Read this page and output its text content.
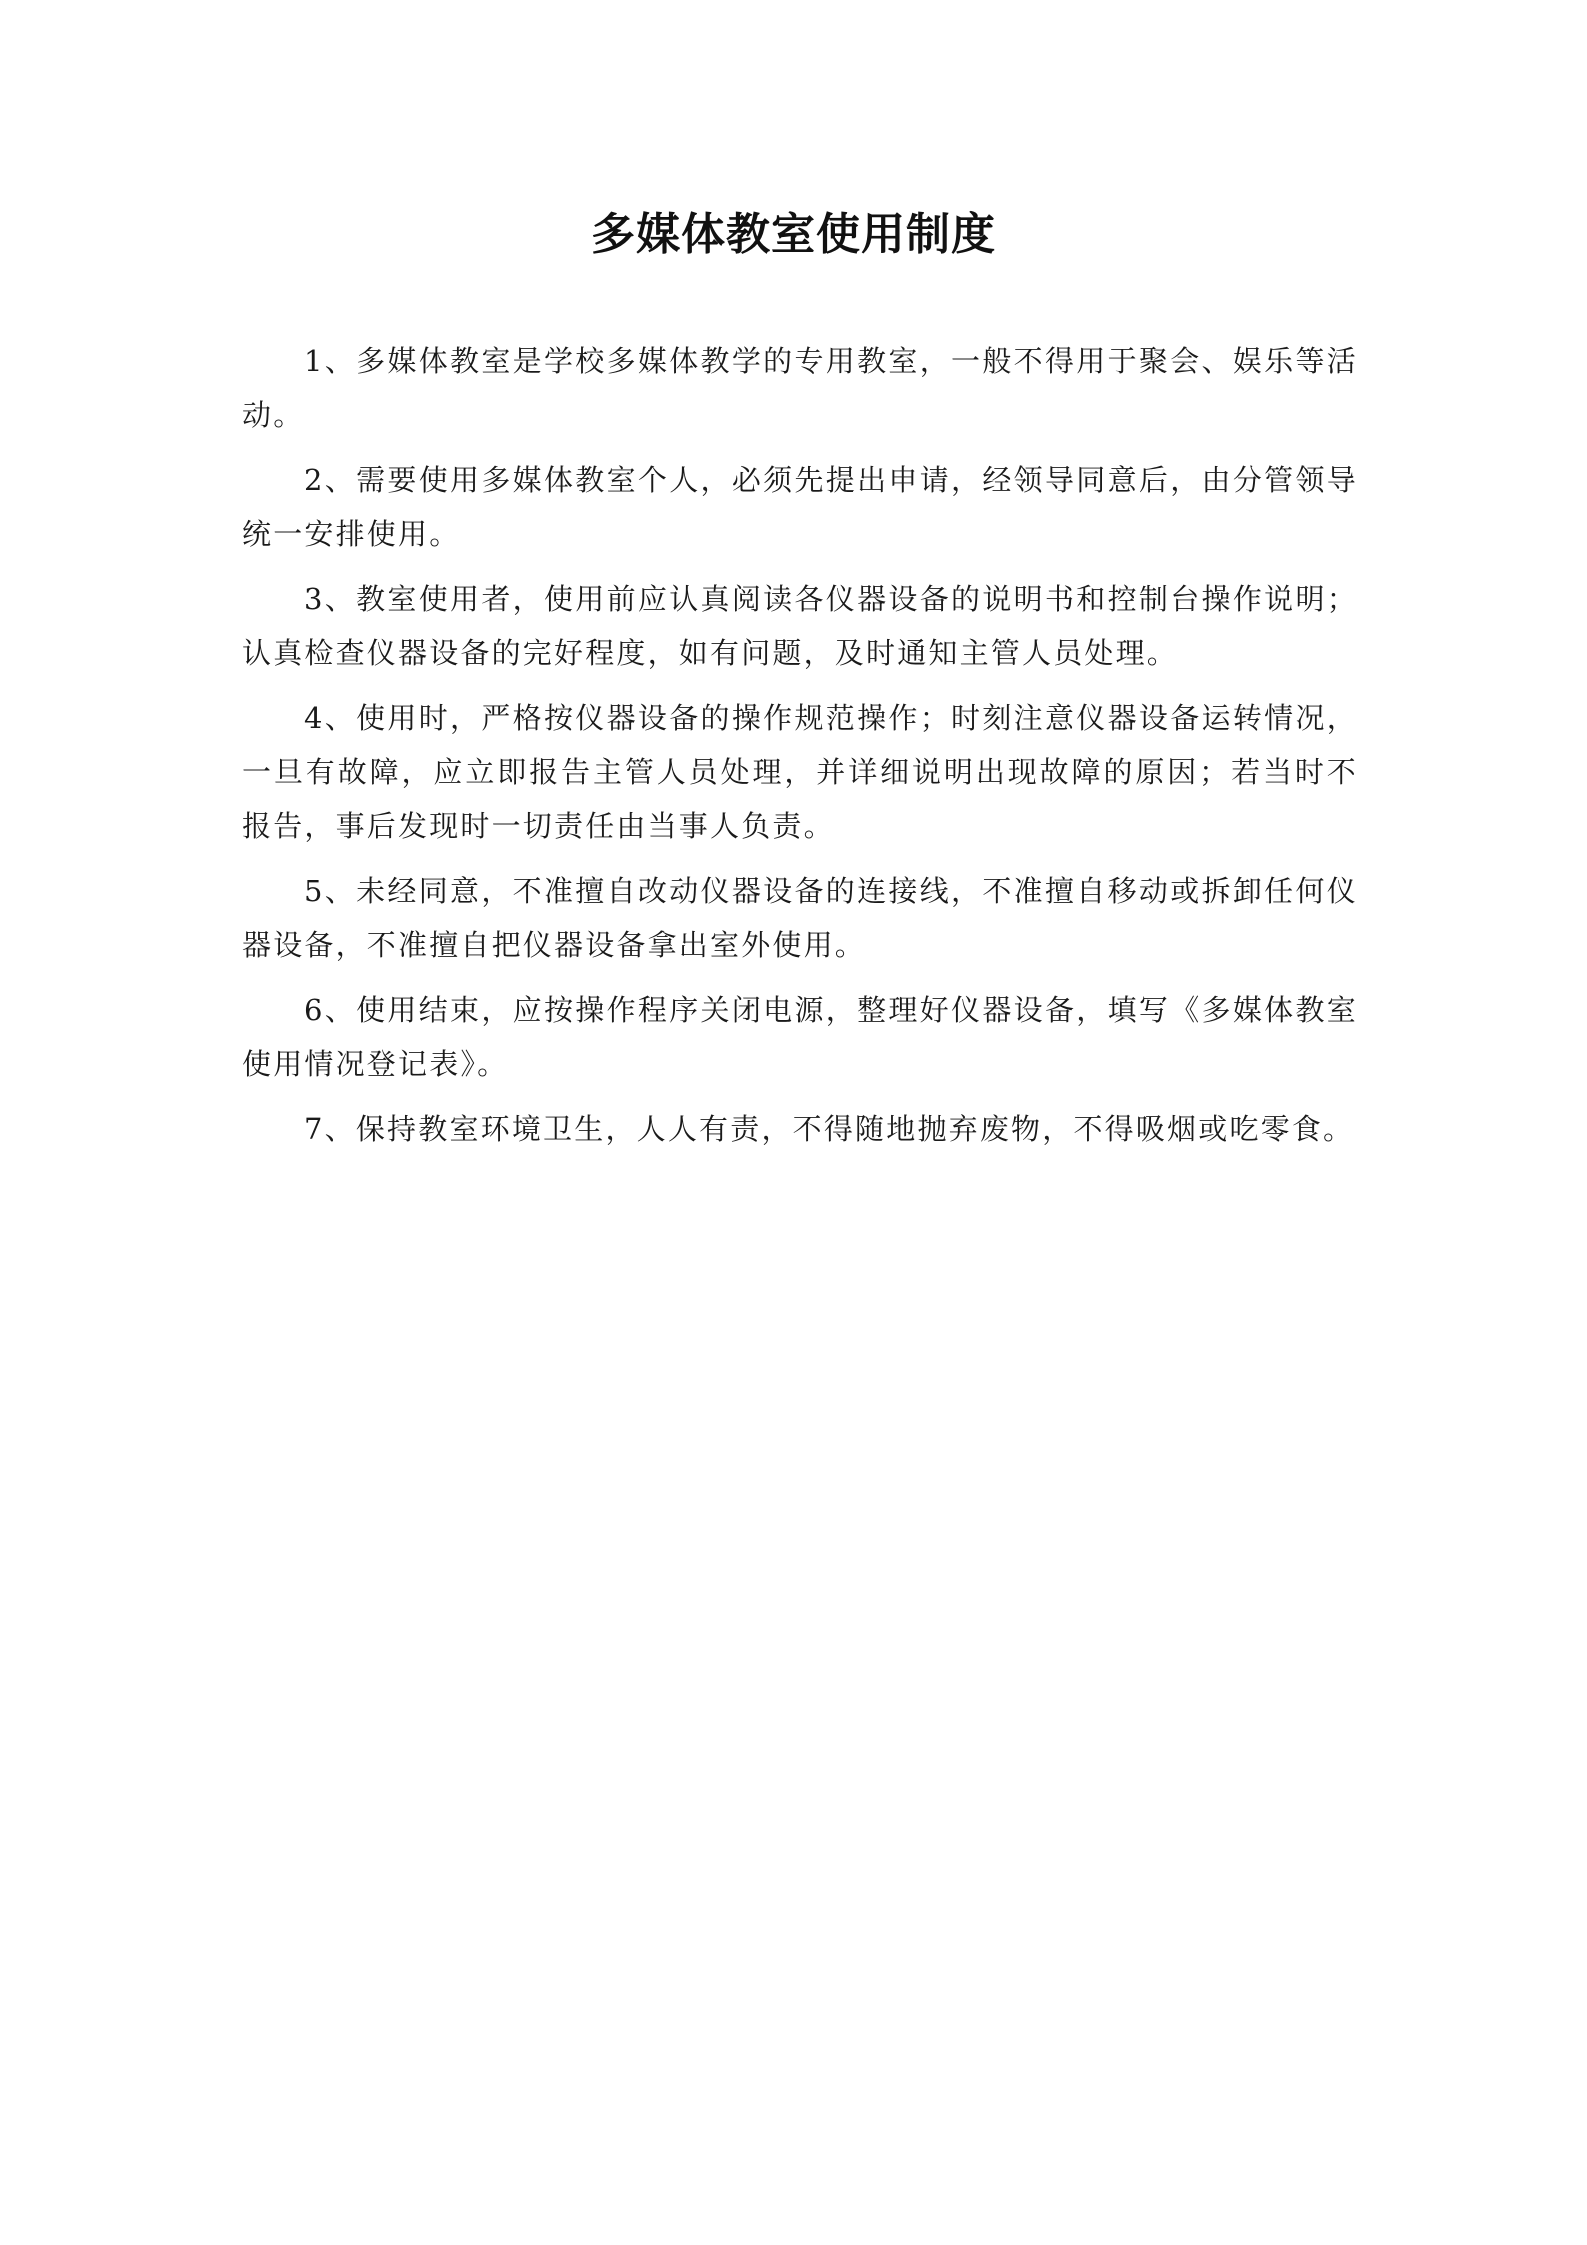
多媒体教室使用制度
1、多媒体教室是学校多媒体教学的专用教室，一般不得用于聚会、娱乐等活动。
2、需要使用多媒体教室个人，必须先提出申请，经领导同意后，由分管领导统一安排使用。
3、教室使用者，使用前应认真阅读各仪器设备的说明书和控制台操作说明；认真检查仪器设备的完好程度，如有问题，及时通知主管人员处理。
4、使用时，严格按仪器设备的操作规范操作；时刻注意仪器设备运转情况，一旦有故障，应立即报告主管人员处理，并详细说明出现故障的原因；若当时不报告，事后发现时一切责任由当事人负责。
5、未经同意，不准擅自改动仪器设备的连接线，不准擅自移动或拆卸任何仪器设备，不准擅自把仪器设备拿出室外使用。
6、使用结束，应按操作程序关闭电源，整理好仪器设备，填写《多媒体教室使用情况登记表》。
7、保持教室环境卫生，人人有责，不得随地抛弃废物，不得吸烟或吃零食。
